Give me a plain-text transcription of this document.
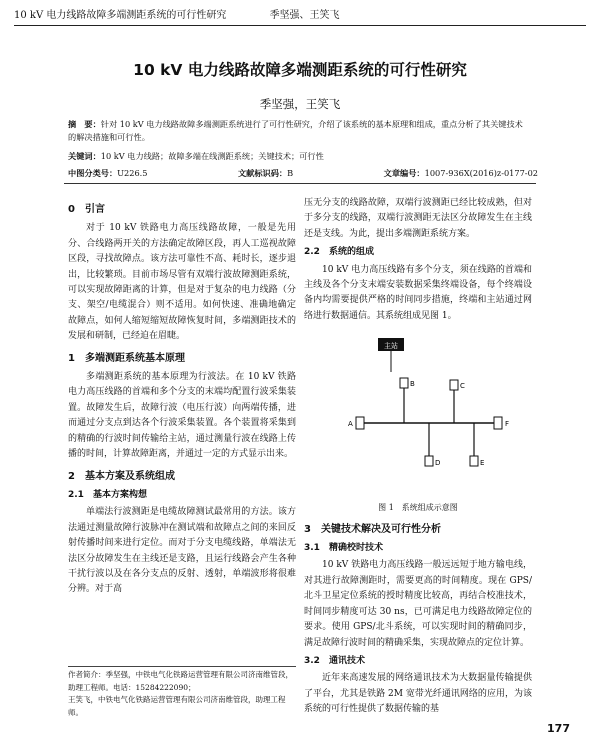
10 kV 电力线路故障多端测距系统的可行性研究	季坚强、王笑飞
10 kV 电力线路故障多端测距系统的可行性研究
季坚强，王笑飞
摘　要：针对 10 kV 电力线路故障多端测距系统进行了可行性研究，介绍了该系统的基本原理和组成，重点分析了其关键技术的解决措施和可行性。
关键词：10 kV 电力线路；故障多端在线测距系统；关键技术；可行性
中图分类号：U226.5	文献标识码：B	文章编号：1007-936X(2016)z-0177-02
0　引言

对于 10 kV 铁路电力高压线路故障，一般是先用分、合线路两开关的方法确定故障区段，再人工巡视故障区段，寻找故障点。该方法可靠性不高、耗时长，逐步退出，比较繁琐。目前市场尽管有双端行波故障测距系统，可以实现故障距离的计算，但是对于复杂的电力线路（分支、架空/电缆混合）则不适用。如何快速、准确地确定故障点，如何人缩短缩短故障恢复时间，多端测距技术的发展和研制，已经迫在眉睫。

1　多端测距系统基本原理

多端测距系统的基本原理为行波法。在 10 kV 铁路电力高压线路的首端和多个分支的末端均配置行波采集装置。故障发生后，故障行波（电压行波）向两端传播，进而通过分支点到达各个行波采集装置。各个装置将采集到的精确的行波时间传输给主站，通过测量行波在线路上传播的时间，计算故障距离，并通过一定的方式显示出来。

2　基本方案及系统组成
2.1　基本方案构想

单端法行波测距是电缆故障测试最常用的方法。该方法通过测量故障行波脉冲在测试端和故障点之间的来回反射传播时间来进行定位。而对于分支电缆线路，单端法无法区分故障发生在主线还是支路，且运行线路会产生各种干扰行波以及在各分支点的反射、透射，单端波形将很难分辨。对于高

作者简介：季坚强，中铁电气化铁路运营管理有限公司济南维管段，助理工程师。电话：15284222090；
王笑飞，中铁电气化铁路运营管理有限公司济南维管段，助理工程师。

压无分支的线路故障，双端行波测距已经比较成熟，但对于多分支的线路，双端行波测距无法区分故障发生在主线还是支线。为此，提出多端测距系统方案。

2.2　系统的组成

10 kV 电力高压线路有多个分支，须在线路的首端和主线及各个分支末端安装数据采集终端设备，每个终端设备内均需要提供严格的时间同步措施，终端和主站通过网络进行数据通信。其系统组成见图 1。

主站
A
B	C
D	E
F

图 1　系统组成示意图

3　关键技术解决及可行性分析
3.1　精确校时技术

10 kV 铁路电力高压线路一般远远短于地方输电线，对其进行故障测距时，需要更高的时间精度。现在 GPS/北斗卫星定位系统的授时精度比较高，再结合校准技术，时间同步精度可达 30 ns，已可满足电力线路故障定位的要求。使用 GPS/北斗系统，可以实现时间的精确同步，满足故障行波时间的精确采集，实现故障点的定位计算。

3.2　通讯技术

近年来高速发展的网络通讯技术为大数据量传输提供了平台，尤其是铁路 2M 宽带光纤通讯网络的应用，为该系统的可行性提供了数据传输的基

177
